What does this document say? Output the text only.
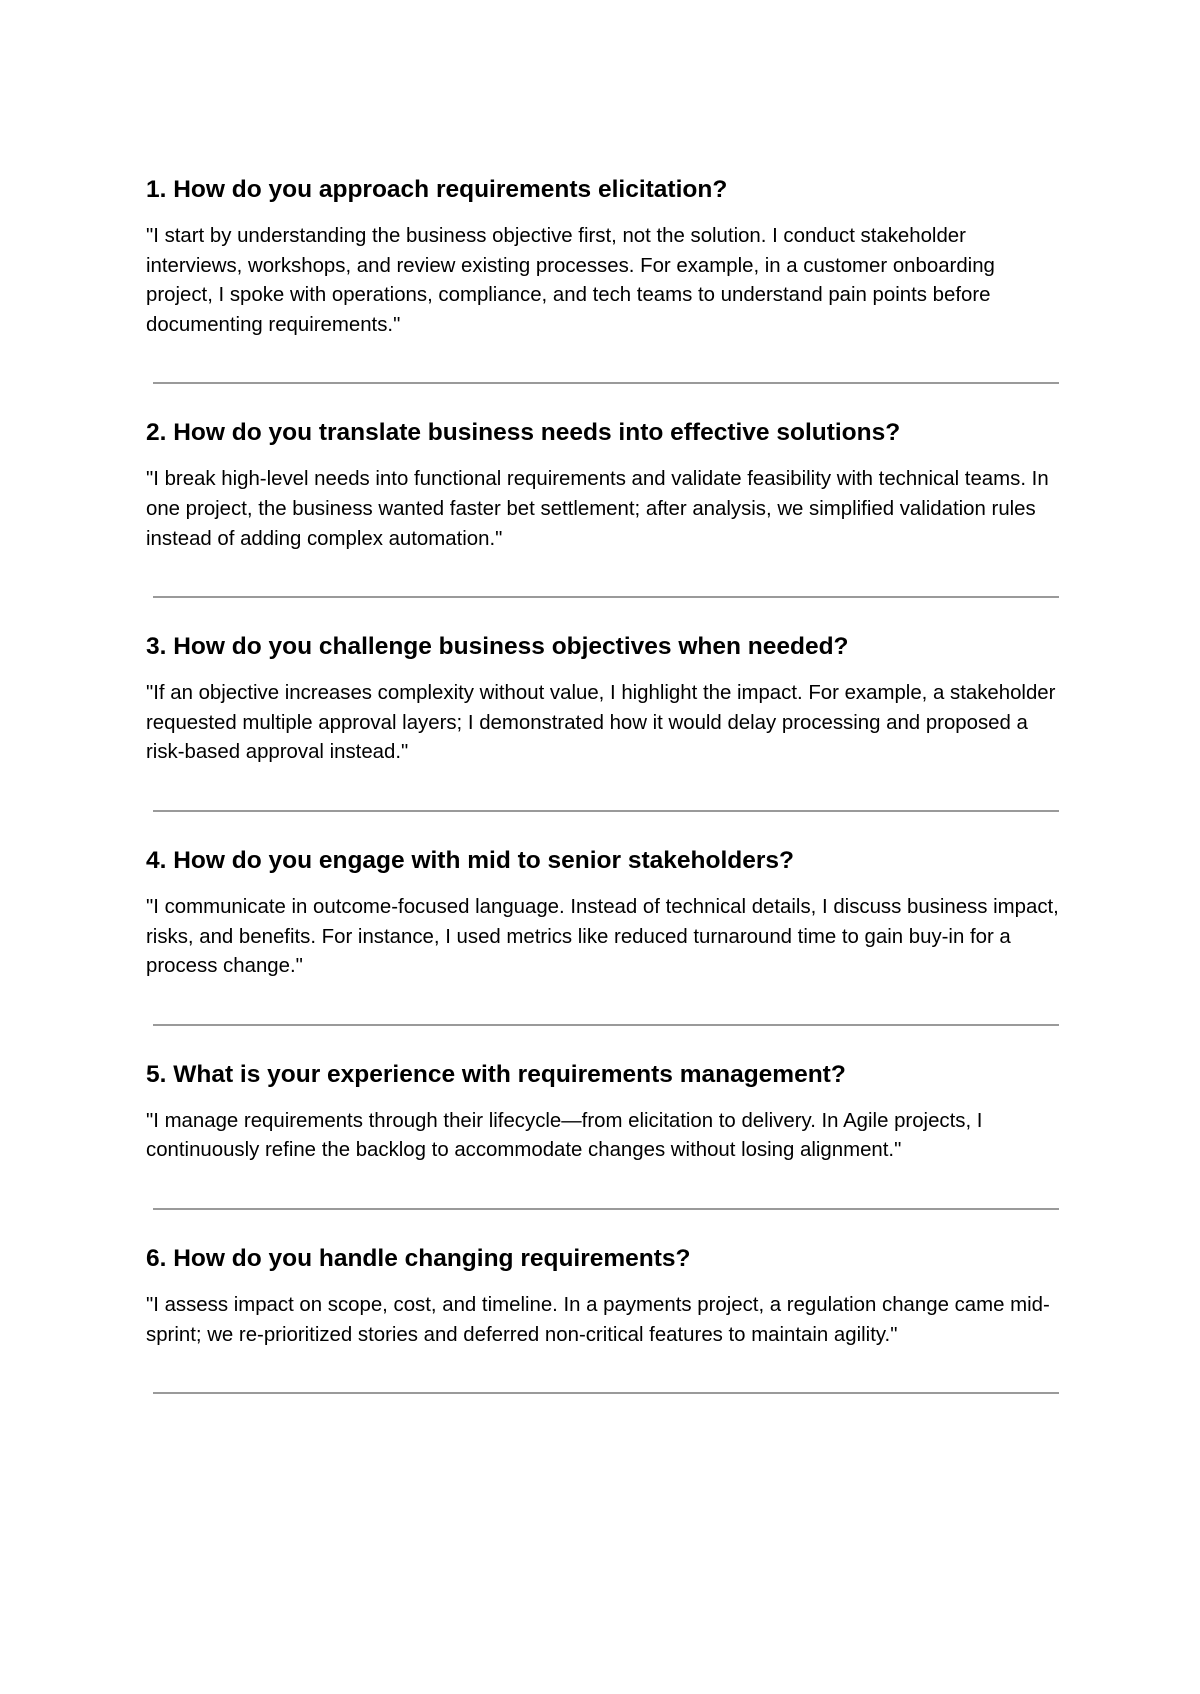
1. How do you approach requirements elicitation?

"I start by understanding the business objective first, not the solution. I conduct stakeholder interviews, workshops, and review existing processes. For example, in a customer onboarding project, I spoke with operations, compliance, and tech teams to understand pain points before documenting requirements."

2. How do you translate business needs into effective solutions?

"I break high-level needs into functional requirements and validate feasibility with technical teams. In one project, the business wanted faster bet settlement; after analysis, we simplified validation rules instead of adding complex automation."

3. How do you challenge business objectives when needed?

"If an objective increases complexity without value, I highlight the impact. For example, a stakeholder requested multiple approval layers; I demonstrated how it would delay processing and proposed a risk-based approval instead."

4. How do you engage with mid to senior stakeholders?

"I communicate in outcome-focused language. Instead of technical details, I discuss business impact, risks, and benefits. For instance, I used metrics like reduced turnaround time to gain buy-in for a process change."

5. What is your experience with requirements management?

"I manage requirements through their lifecycle—from elicitation to delivery. In Agile projects, I continuously refine the backlog to accommodate changes without losing alignment."

6. How do you handle changing requirements?

"I assess impact on scope, cost, and timeline. In a payments project, a regulation change came mid-sprint; we re-prioritized stories and deferred non-critical features to maintain agility."
